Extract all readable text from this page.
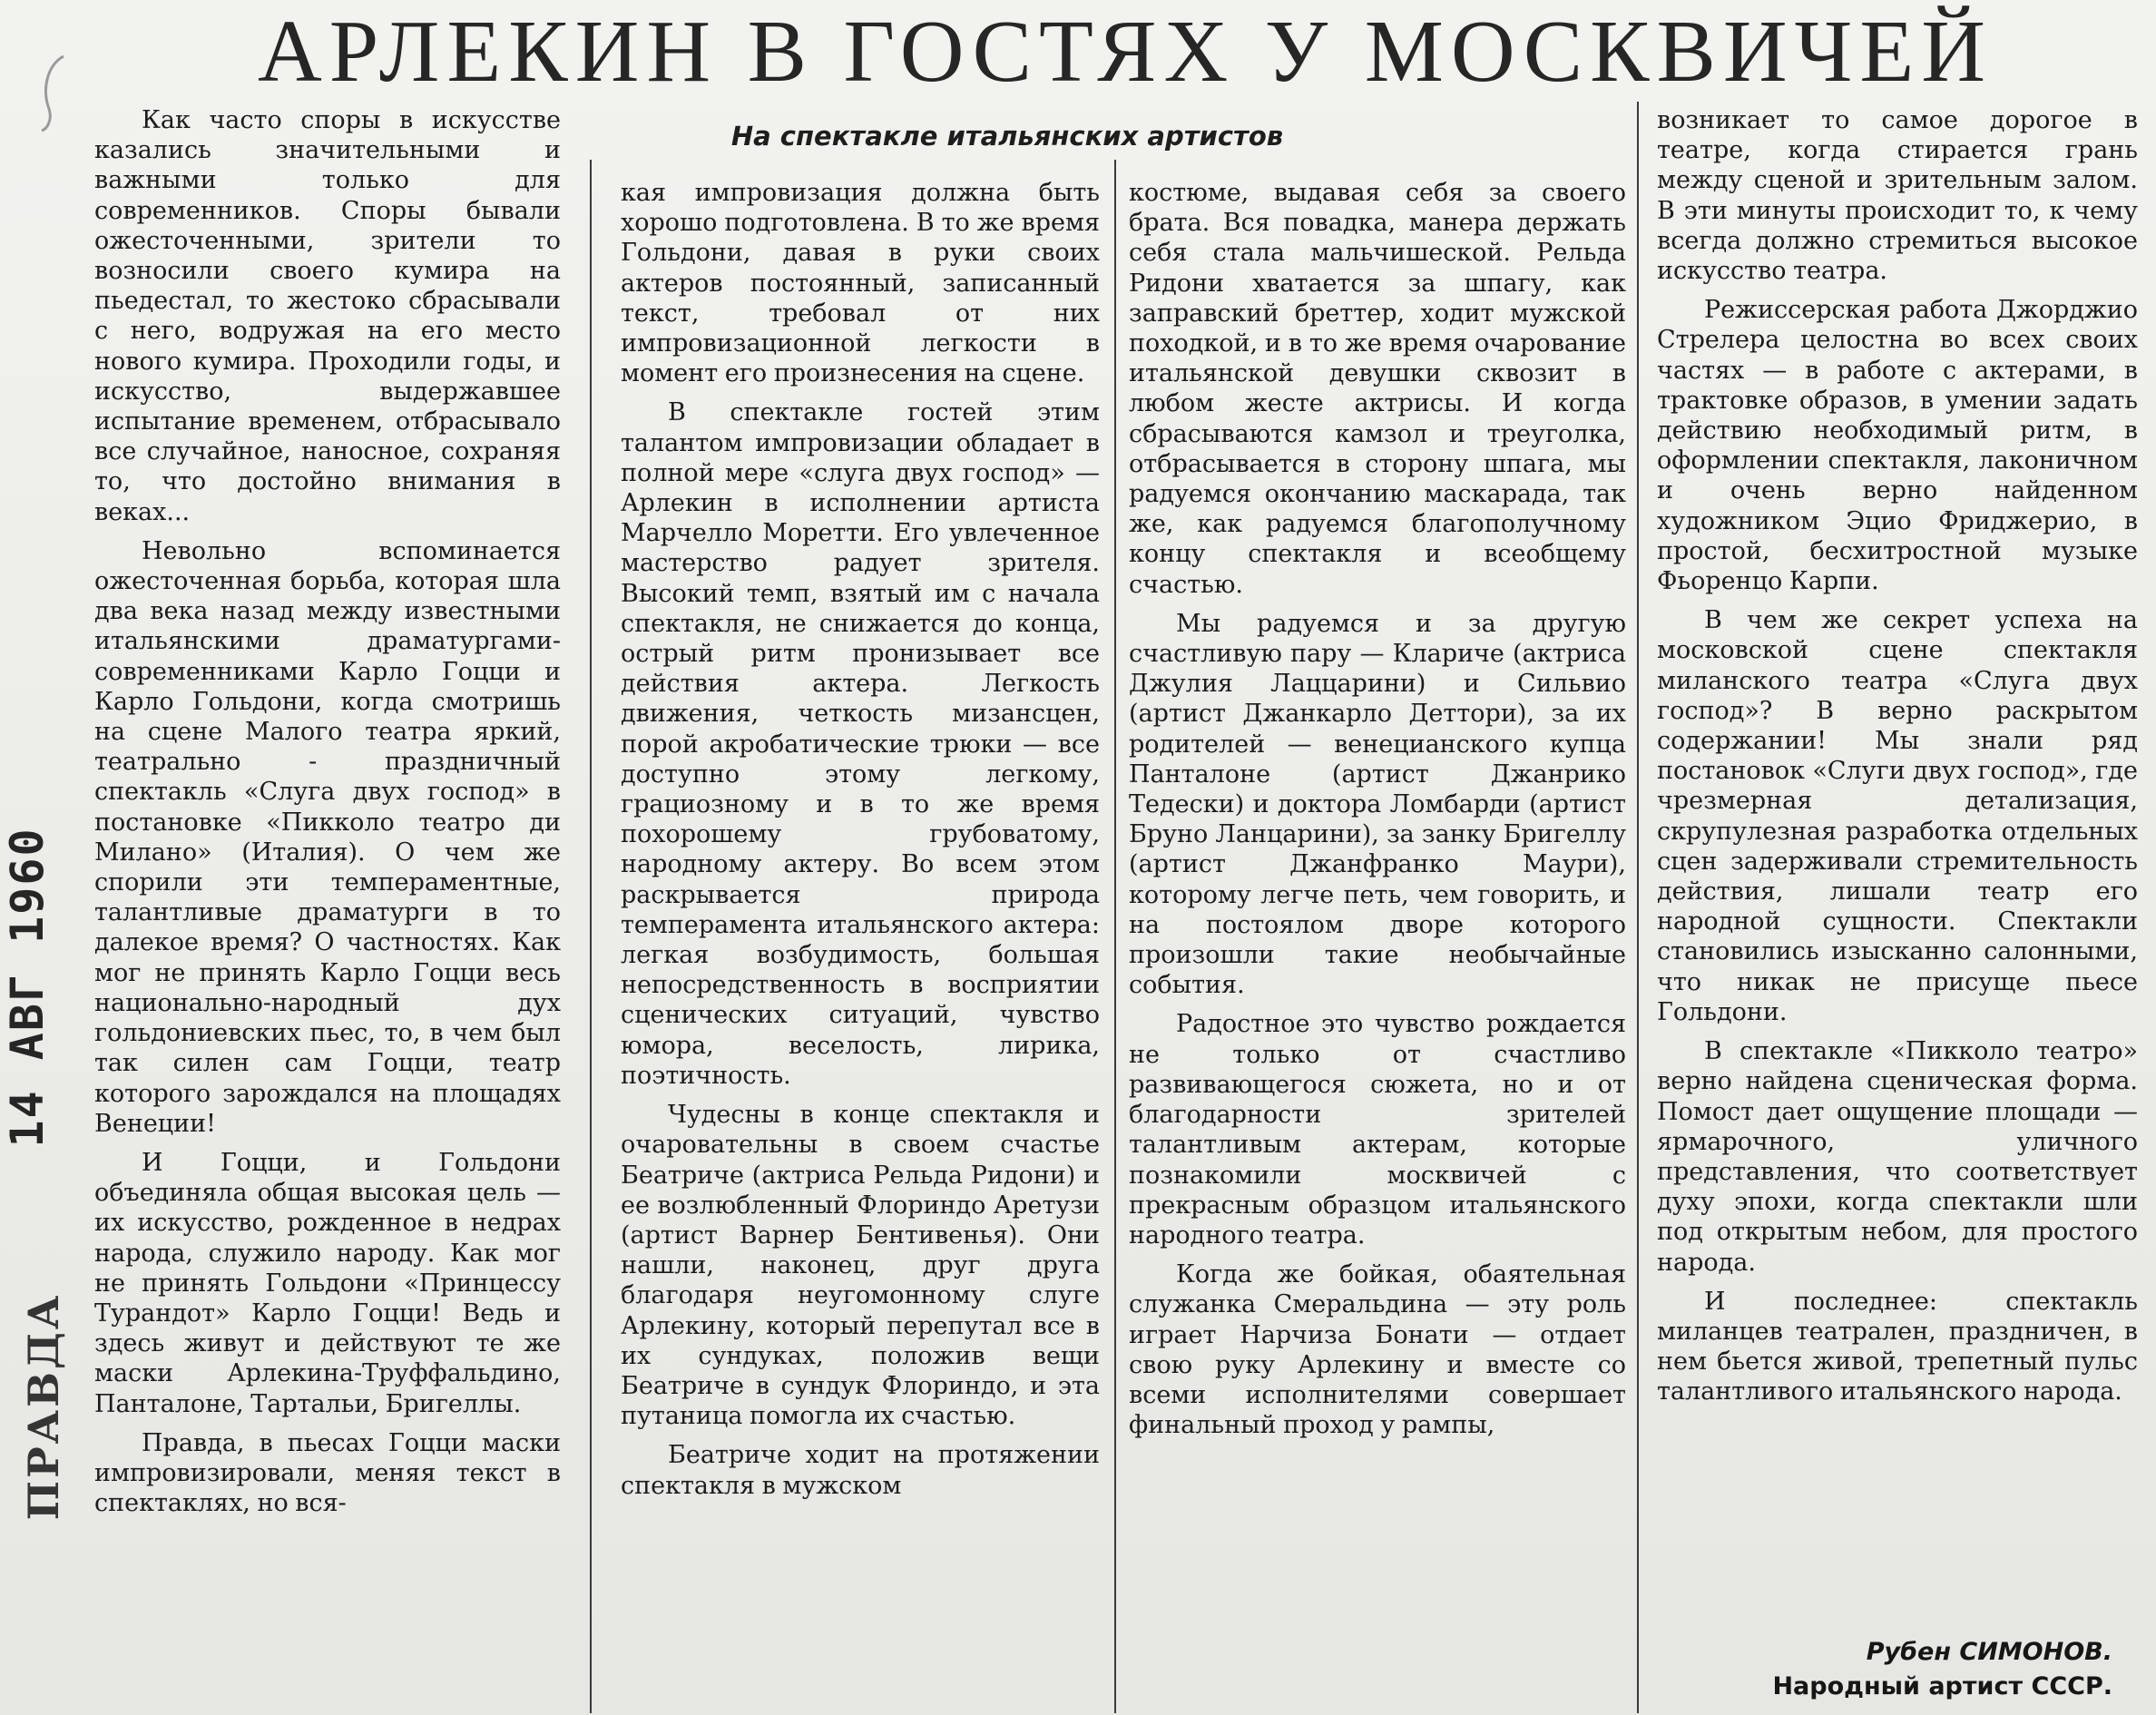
АРЛЕКИН В ГОСТЯХ У МОСКВИЧЕЙ
На спектакле итальянских артистов
14 АВГ 1960
ПРАВДА

Как часто споры в искусстве казались значительными и важными только для современников. Споры бывали ожесточенными, зрители то возносили своего кумира на пьедестал, то жестоко сбрасывали с него, водружая на его место нового кумира. Проходили годы, и искусство, выдержавшее испытание временем, отбрасывало все случайное, наносное, сохраняя то, что достойно внимания в веках...

Невольно вспоминается ожесточенная борьба, которая шла два века назад между известными итальянскими драматургами-современниками Карло Гоцци и Карло Гольдони, когда смотришь на сцене Малого театра яркий, театрально - праздничный спектакль «Слуга двух господ» в постановке «Пикколо театро ди Милано» (Италия). О чем же спорили эти темпераментные, талантливые драматурги в то далекое время? О частностях. Как мог не принять Карло Гоцци весь национально-народный дух гольдониевских пьес, то, в чем был так силен сам Гоцци, театр которого зарождался на площадях Венеции!

И Гоцци, и Гольдони объединяла общая высокая цель — их искусство, рожденное в недрах народа, служило народу. Как мог не принять Гольдони «Принцессу Турандот» Карло Гоцци! Ведь и здесь живут и действуют те же маски Арлекина-Труффальдино, Панталоне, Тартальи, Бригеллы.

Правда, в пьесах Гоцци маски импровизировали, меняя текст в спектаклях, но вся-

кая импровизация должна быть хорошо подготовлена. В то же время Гольдони, давая в руки своих актеров постоянный, записанный текст, требовал от них импровизационной легкости в момент его произнесения на сцене.

В спектакле гостей этим талантом импровизации обладает в полной мере «слуга двух господ» — Арлекин в исполнении артиста Марчелло Моретти. Его увлеченное мастерство радует зрителя. Высокий темп, взятый им с начала спектакля, не снижается до конца, острый ритм пронизывает все действия актера. Легкость движения, четкость мизансцен, порой акробатические трюки — все доступно этому легкому, грациозному и в то же время похорошему грубоватому, народному актеру. Во всем этом раскрывается природа темперамента итальянского актера: легкая возбудимость, большая непосредственность в восприятии сценических ситуаций, чувство юмора, веселость, лирика, поэтичность.

Чудесны в конце спектакля и очаровательны в своем счастье Беатриче (актриса Рельда Ридони) и ее возлюбленный Флориндо Аретузи (артист Варнер Бентивенья). Они нашли, наконец, друг друга благодаря неугомонному слуге Арлекину, который перепутал все в их сундуках, положив вещи Беатриче в сундук Флориндо, и эта путаница помогла их счастью.

Беатриче ходит на протяжении спектакля в мужском

костюме, выдавая себя за своего брата. Вся повадка, манера держать себя стала мальчишеской. Рельда Ридони хватается за шпагу, как заправский бреттер, ходит мужской походкой, и в то же время очарование итальянской девушки сквозит в любом жесте актрисы. И когда сбрасываются камзол и треуголка, отбрасывается в сторону шпага, мы радуемся окончанию маскарада, так же, как радуемся благополучному концу спектакля и всеобщему счастью.

Мы радуемся и за другую счастливую пару — Клариче (актриса Джулия Лаццарини) и Сильвио (артист Джанкарло Деттори), за их родителей — венецианского купца Панталоне (артист Джанрико Тедески) и доктора Ломбарди (артист Бруно Ланцарини), за занку Бригеллу (артист Джанфранко Маури), которому легче петь, чем говорить, и на постоялом дворе которого произошли такие необычайные события.

Радостное это чувство рождается не только от счастливо развивающегося сюжета, но и от благодарности зрителей талантливым актерам, которые познакомили москвичей с прекрасным образцом итальянского народного театра.

Когда же бойкая, обаятельная служанка Смеральдина — эту роль играет Нарчиза Бонати — отдает свою руку Арлекину и вместе со всеми исполнителями совершает финальный проход у рампы,

возникает то самое дорогое в театре, когда стирается грань между сценой и зрительным залом. В эти минуты происходит то, к чему всегда должно стремиться высокое искусство театра.

Режиссерская работа Джорджио Стрелера целостна во всех своих частях — в работе с актерами, в трактовке образов, в умении задать действию необходимый ритм, в оформлении спектакля, лаконичном и очень верно найденном художником Эцио Фриджерио, в простой, бесхитростной музыке Фьоренцо Карпи.

В чем же секрет успеха на московской сцене спектакля миланского театра «Слуга двух господ»? В верно раскрытом содержании! Мы знали ряд постановок «Слуги двух господ», где чрезмерная детализация, скрупулезная разработка отдельных сцен задерживали стремительность действия, лишали театр его народной сущности. Спектакли становились изысканно салонными, что никак не присуще пьесе Гольдони.

В спектакле «Пикколо театро» верно найдена сценическая форма. Помост дает ощущение площади — ярмарочного, уличного представления, что соответствует духу эпохи, когда спектакли шли под открытым небом, для простого народа.

И последнее: спектакль миланцев театрален, праздничен, в нем бьется живой, трепетный пульс талантливого итальянского народа.

Рубен СИМОНОВ.
Народный артист СССР.
